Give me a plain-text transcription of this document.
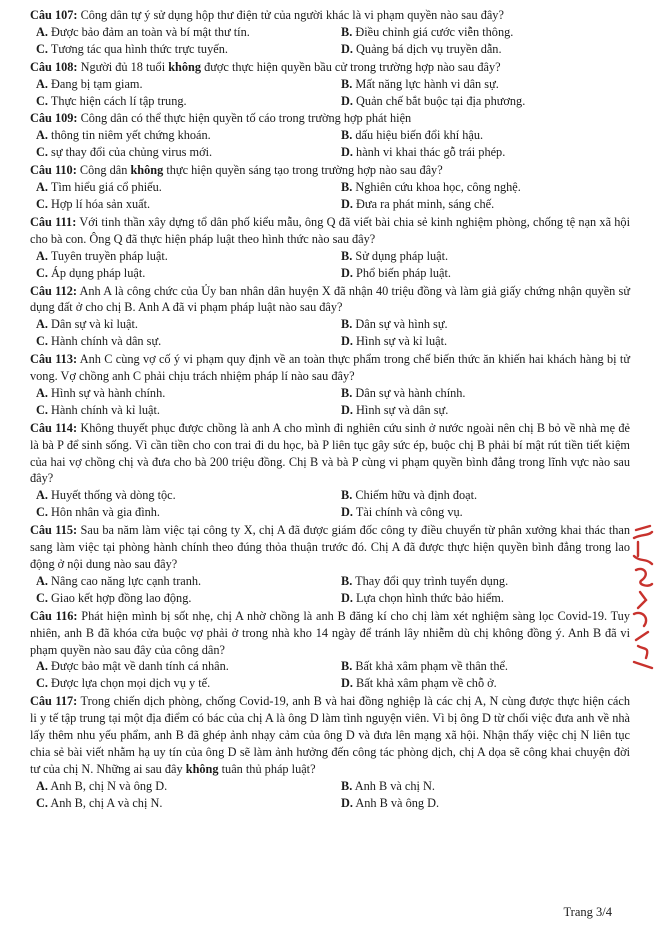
Câu 107: Công dân tự ý sử dụng hộp thư điện tử của người khác là vi phạm quyền nào sau đây?

A. Được bảo đảm an toàn và bí mật thư tín.	B. Điều chỉnh giá cước viễn thông.
C. Tương tác qua hình thức trực tuyến.	D. Quảng bá dịch vụ truyền dẫn.

Câu 108: Người đủ 18 tuổi không được thực hiện quyền bầu cử trong trường hợp nào sau đây?

A. Đang bị tạm giam.	B. Mất năng lực hành vi dân sự.
C. Thực hiện cách lí tập trung.	D. Quản chế bắt buộc tại địa phương.

Câu 109: Công dân có thể thực hiện quyền tố cáo trong trường hợp phát hiện

A. thông tin niêm yết chứng khoán.	B. dấu hiệu biến đổi khí hậu.
C. sự thay đổi của chủng virus mới.	D. hành vi khai thác gỗ trái phép.

Câu 110: Công dân không thực hiện quyền sáng tạo trong trường hợp nào sau đây?

A. Tìm hiểu giá cổ phiếu.	B. Nghiên cứu khoa học, công nghệ.
C. Hợp lí hóa sản xuất.	D. Đưa ra phát minh, sáng chế.

Câu 111: Với tinh thần xây dựng tổ dân phố kiểu mẫu, ông Q đã viết bài chia sẻ kinh nghiệm phòng, chống tệ nạn xã hội cho bà con. Ông Q đã thực hiện pháp luật theo hình thức nào sau đây?

A. Tuyên truyền pháp luật.	B. Sử dụng pháp luật.
C. Áp dụng pháp luật.	D. Phổ biến pháp luật.

Câu 112: Anh A là công chức của Ủy ban nhân dân huyện X đã nhận 40 triệu đồng và làm giả giấy chứng nhận quyền sử dụng đất ở cho chị B. Anh A đã vi phạm pháp luật nào sau đây?

A. Dân sự và kỉ luật.	B. Dân sự và hình sự.
C. Hành chính và dân sự.	D. Hình sự và kỉ luật.

Câu 113: Anh C cùng vợ cố ý vi phạm quy định về an toàn thực phẩm trong chế biến thức ăn khiến hai khách hàng bị tử vong. Vợ chồng anh C phải chịu trách nhiệm pháp lí nào sau đây?

A. Hình sự và hành chính.	B. Dân sự và hành chính.
C. Hành chính và kỉ luật.	D. Hình sự và dân sự.

Câu 114: Không thuyết phục được chồng là anh A cho mình đi nghiên cứu sinh ở nước ngoài nên chị B bỏ về nhà mẹ đẻ là bà P để sinh sống. Vì cần tiền cho con trai đi du học, bà P liên tục gây sức ép, buộc chị B phải bí mật rút tiền tiết kiệm của hai vợ chồng chị và đưa cho bà 200 triệu đồng. Chị B và bà P cùng vi phạm quyền bình đẳng trong lĩnh vực nào sau đây?

A. Huyết thống và dòng tộc.	B. Chiếm hữu và định đoạt.
C. Hôn nhân và gia đình.	D. Tài chính và công vụ.

Câu 115: Sau ba năm làm việc tại công ty X, chị A đã được giám đốc công ty điều chuyển từ phân xưởng khai thác than sang làm việc tại phòng hành chính theo đúng thỏa thuận trước đó. Chị A đã được thực hiện quyền bình đẳng trong lao động ở nội dung nào sau đây?

A. Nâng cao năng lực cạnh tranh.	B. Thay đổi quy trình tuyển dụng.
C. Giao kết hợp đồng lao động.	D. Lựa chọn hình thức bảo hiểm.

Câu 116: Phát hiện mình bị sốt nhẹ, chị A nhờ chồng là anh B đăng kí cho chị làm xét nghiệm sàng lọc Covid-19. Tuy nhiên, anh B đã khóa cửa buộc vợ phải ở trong nhà kho 14 ngày để tránh lây nhiễm dù chị không đồng ý. Anh B đã vi phạm quyền nào sau đây của công dân?

A. Được bảo mật về danh tính cá nhân.	B. Bất khả xâm phạm về thân thể.
C. Được lựa chọn mọi dịch vụ y tế.	D. Bất khả xâm phạm về chỗ ở.

Câu 117: Trong chiến dịch phòng, chống Covid-19, anh B và hai đồng nghiệp là các chị A, N cùng được thực hiện cách li y tế tập trung tại một địa điểm có bác của chị A là ông D làm tình nguyện viên. Vì bị ông D từ chối việc đưa anh về nhà lấy thêm nhu yếu phẩm, anh B đã ghép ảnh nhạy cảm của ông D và đưa lên mạng xã hội. Nhận thấy việc chị N liên tục chia sẻ bài viết nhằm hạ uy tín của ông D sẽ làm ảnh hưởng đến công tác phòng dịch, chị A dọa sẽ công khai chuyện đời tư của chị N. Những ai sau đây không tuân thủ pháp luật?

A. Anh B, chị N và ông D.	B. Anh B và chị N.
C. Anh B, chị A và chị N.	D. Anh B và ông D.
Trang 3/4
